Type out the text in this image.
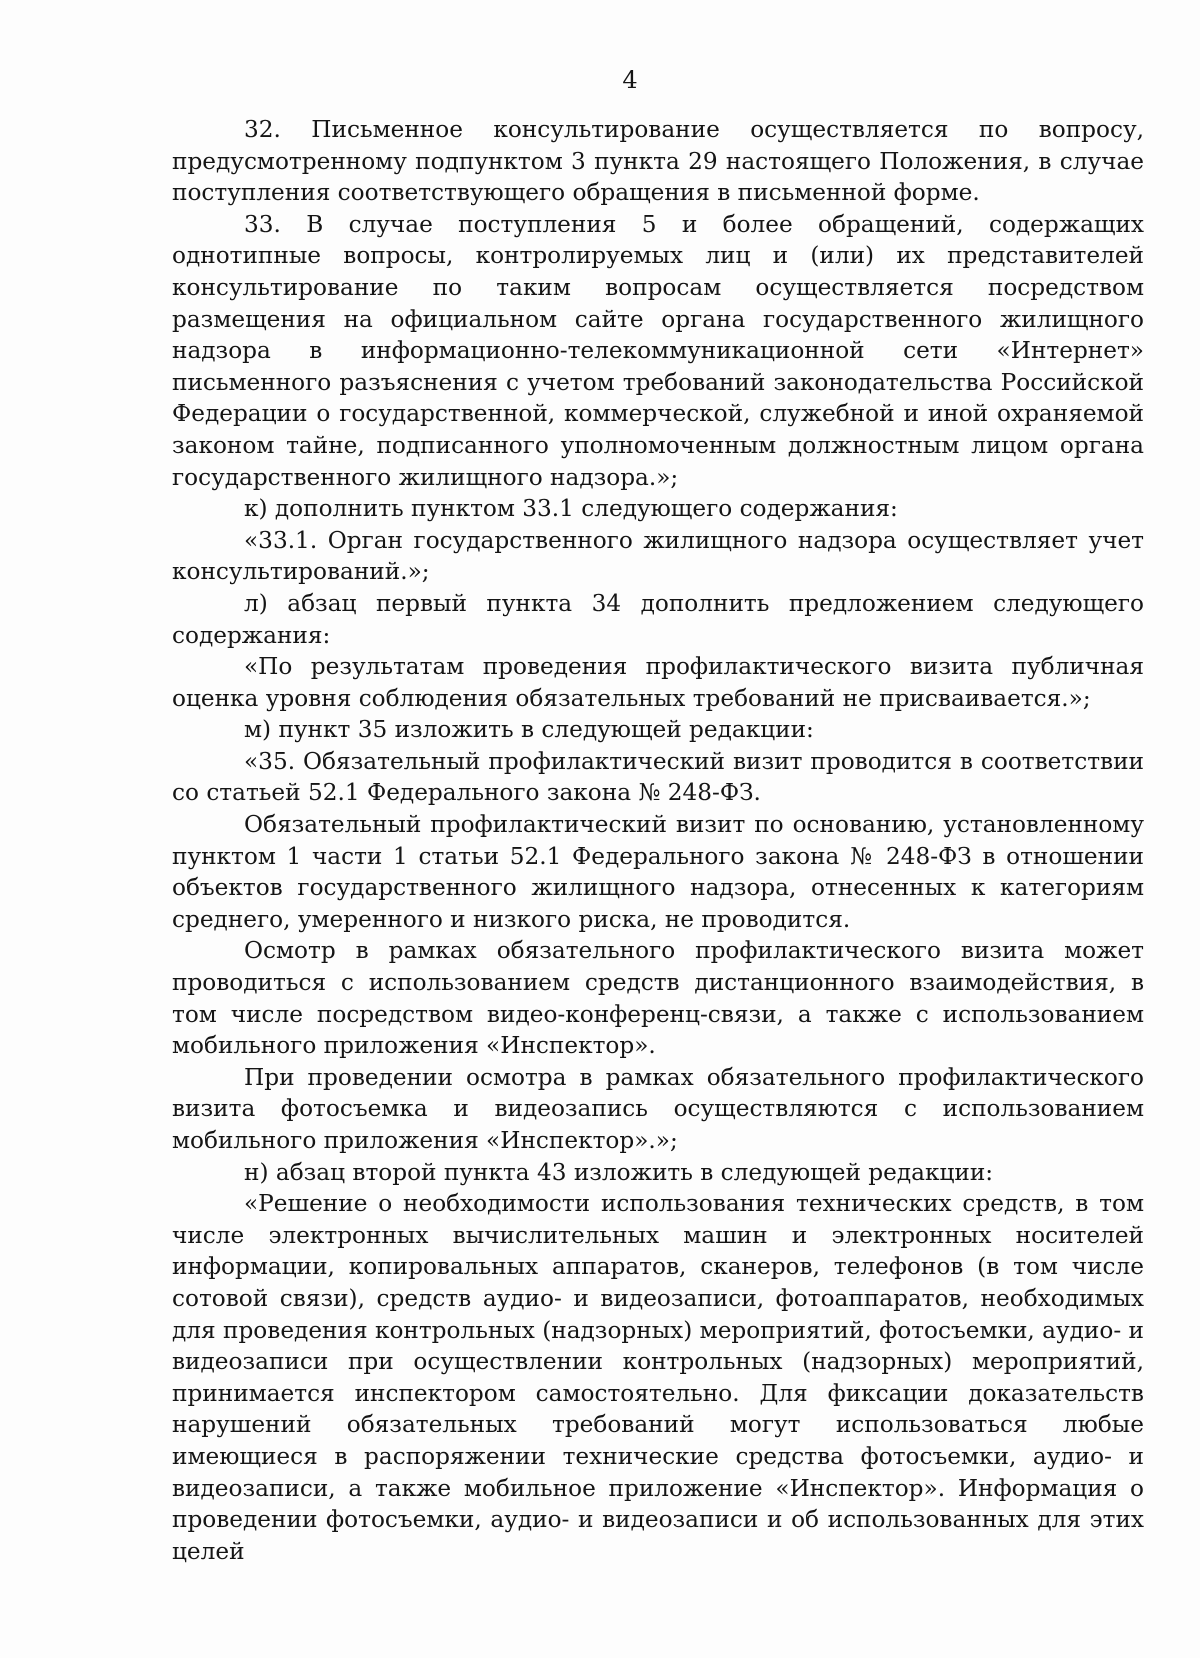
4

32. Письменное консультирование осуществляется по вопросу, предусмотренному подпунктом 3 пункта 29 настоящего Положения, в случае поступления соответствующего обращения в письменной форме.

33. В случае поступления 5 и более обращений, содержащих однотипные вопросы, контролируемых лиц и (или) их представителей консультирование по таким вопросам осуществляется посредством размещения на официальном сайте органа государственного жилищного надзора в информационно-телекоммуникационной сети «Интернет» письменного разъяснения с учетом требований законодательства Российской Федерации о государственной, коммерческой, служебной и иной охраняемой законом тайне, подписанного уполномоченным должностным лицом органа государственного жилищного надзора.»;

к) дополнить пунктом 33.1 следующего содержания:

«33.1. Орган государственного жилищного надзора осуществляет учет консультирований.»;

л) абзац первый пункта 34 дополнить предложением следующего содержания:

«По результатам проведения профилактического визита публичная оценка уровня соблюдения обязательных требований не присваивается.»;

м) пункт 35 изложить в следующей редакции:

«35. Обязательный профилактический визит проводится в соответствии со статьей 52.1 Федерального закона № 248-ФЗ.

Обязательный профилактический визит по основанию, установленному пунктом 1 части 1 статьи 52.1 Федерального закона № 248-ФЗ в отношении объектов государственного жилищного надзора, отнесенных к категориям среднего, умеренного и низкого риска, не проводится.

Осмотр в рамках обязательного профилактического визита может проводиться с использованием средств дистанционного взаимодействия, в том числе посредством видео-конференц-связи, а также с использованием мобильного приложения «Инспектор».

При проведении осмотра в рамках обязательного профилактического визита фотосъемка и видеозапись осуществляются с использованием мобильного приложения «Инспектор».»;

н) абзац второй пункта 43 изложить в следующей редакции:

«Решение о необходимости использования технических средств, в том числе электронных вычислительных машин и электронных носителей информации, копировальных аппаратов, сканеров, телефонов (в том числе сотовой связи), средств аудио- и видеозаписи, фотоаппаратов, необходимых для проведения контрольных (надзорных) мероприятий, фотосъемки, аудио- и видеозаписи при осуществлении контрольных (надзорных) мероприятий, принимается инспектором самостоятельно. Для фиксации доказательств нарушений обязательных требований могут использоваться любые имеющиеся в распоряжении технические средства фотосъемки, аудио- и видеозаписи, а также мобильное приложение «Инспектор». Информация о проведении фотосъемки, аудио- и видеозаписи и об использованных для этих целей
